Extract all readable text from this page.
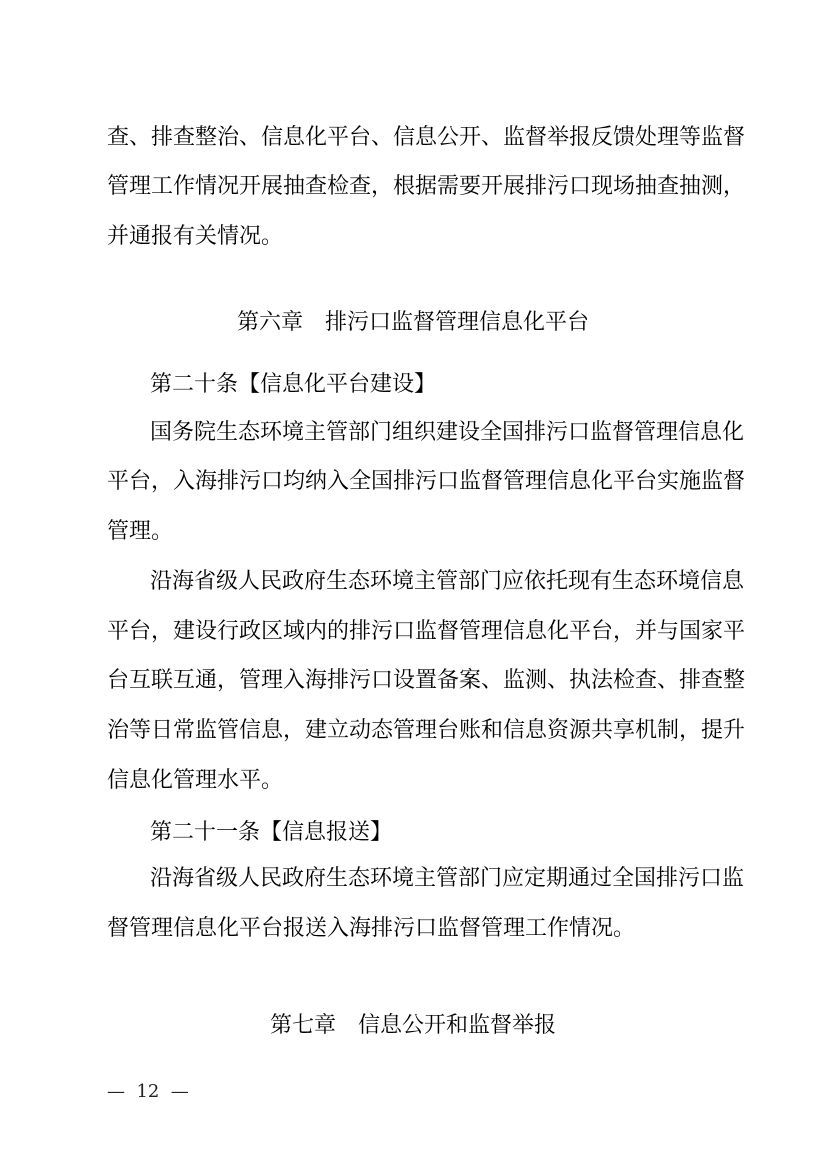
查、排查整治、信息化平台、信息公开、监督举报反馈处理等监督
管理工作情况开展抽查检查，根据需要开展排污口现场抽查抽测，
并通报有关情况。
第六章　排污口监督管理信息化平台
第二十条【信息化平台建设】
国务院生态环境主管部门组织建设全国排污口监督管理信息化
平台，入海排污口均纳入全国排污口监督管理信息化平台实施监督
管理。
沿海省级人民政府生态环境主管部门应依托现有生态环境信息
平台，建设行政区域内的排污口监督管理信息化平台，并与国家平
台互联互通，管理入海排污口设置备案、监测、执法检查、排查整
治等日常监管信息，建立动态管理台账和信息资源共享机制，提升
信息化管理水平。
第二十一条【信息报送】
沿海省级人民政府生态环境主管部门应定期通过全国排污口监
督管理信息化平台报送入海排污口监督管理工作情况。
第七章　信息公开和监督举报
—  12  —
